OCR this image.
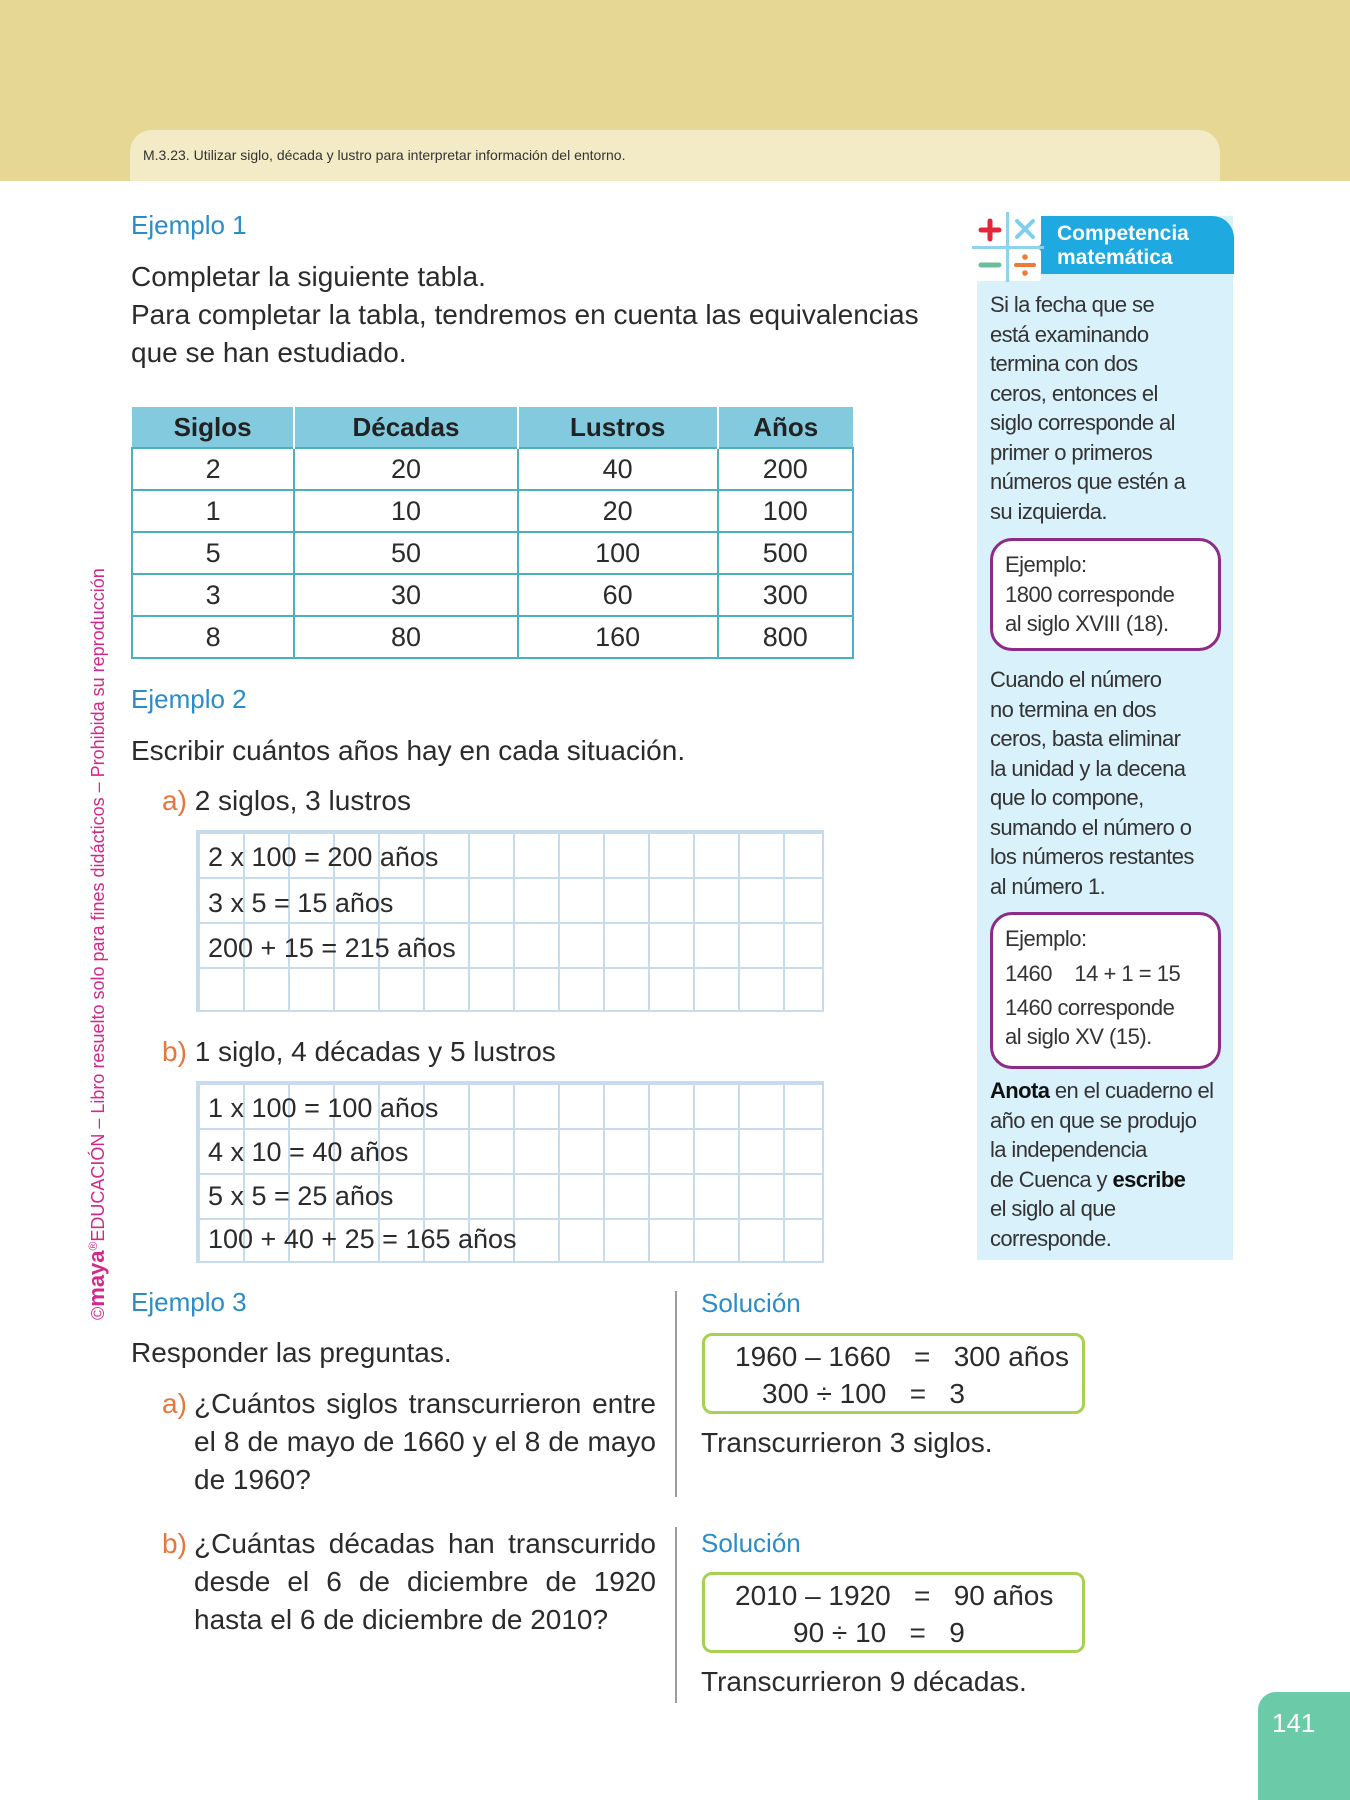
M.3.23. Utilizar siglo, década y lustro para interpretar información del entorno.
©maya®EDUCACIÓN – Libro resuelto solo para fines didácticos – Prohibida su reproducción
Ejemplo 1
Completar la siguiente tabla.
Para completar la tabla, tendremos en cuenta las equivalencias
que se han estudiado.
Siglos	Décadas	Lustros	Años
2	20	40	200
1	10	20	100
5	50	100	500
3	30	60	300
8	80	160	800
Ejemplo 2
Escribir cuántos años hay en cada situación.
a) 2 siglos, 3 lustros
2 x 100 = 200 años
3 x 5 = 15 años
200 + 15 = 215 años
b) 1 siglo, 4 décadas y 5 lustros
1 x 100 = 100 años
4 x 10 = 40 años
5 x 5 = 25 años
100 + 40 + 25 = 165 años
Ejemplo 3
Responder las preguntas.
a) ¿Cuántos siglos transcurrieron entre
el 8 de mayo de 1660 y el 8 de mayo
de 1960?
Solución
1960 – 1660   =   300 años
300 ÷ 100   =   3
Transcurrieron 3 siglos.
b) ¿Cuántas décadas han transcurrido
desde el 6 de diciembre de 1920
hasta el 6 de diciembre de 2010?
Solución
2010 – 1920   =   90 años
90 ÷ 10   =   9
Transcurrieron 9 décadas.
Competencia
matemática
Si la fecha que se
está examinando
termina con dos
ceros, entonces el
siglo corresponde al
primer o primeros
números que estén a
su izquierda.
Ejemplo:
1800 corresponde
al siglo XVIII (18).
Cuando el número
no termina en dos
ceros, basta eliminar
la unidad y la decena
que lo compone,
sumando el número o
los números restantes
al número 1.
Ejemplo:
1460    14 + 1 = 15
1460 corresponde
al siglo XV (15).
Anota en el cuaderno el
año en que se produjo
la independencia
de Cuenca y escribe
el siglo al que
corresponde.
141
